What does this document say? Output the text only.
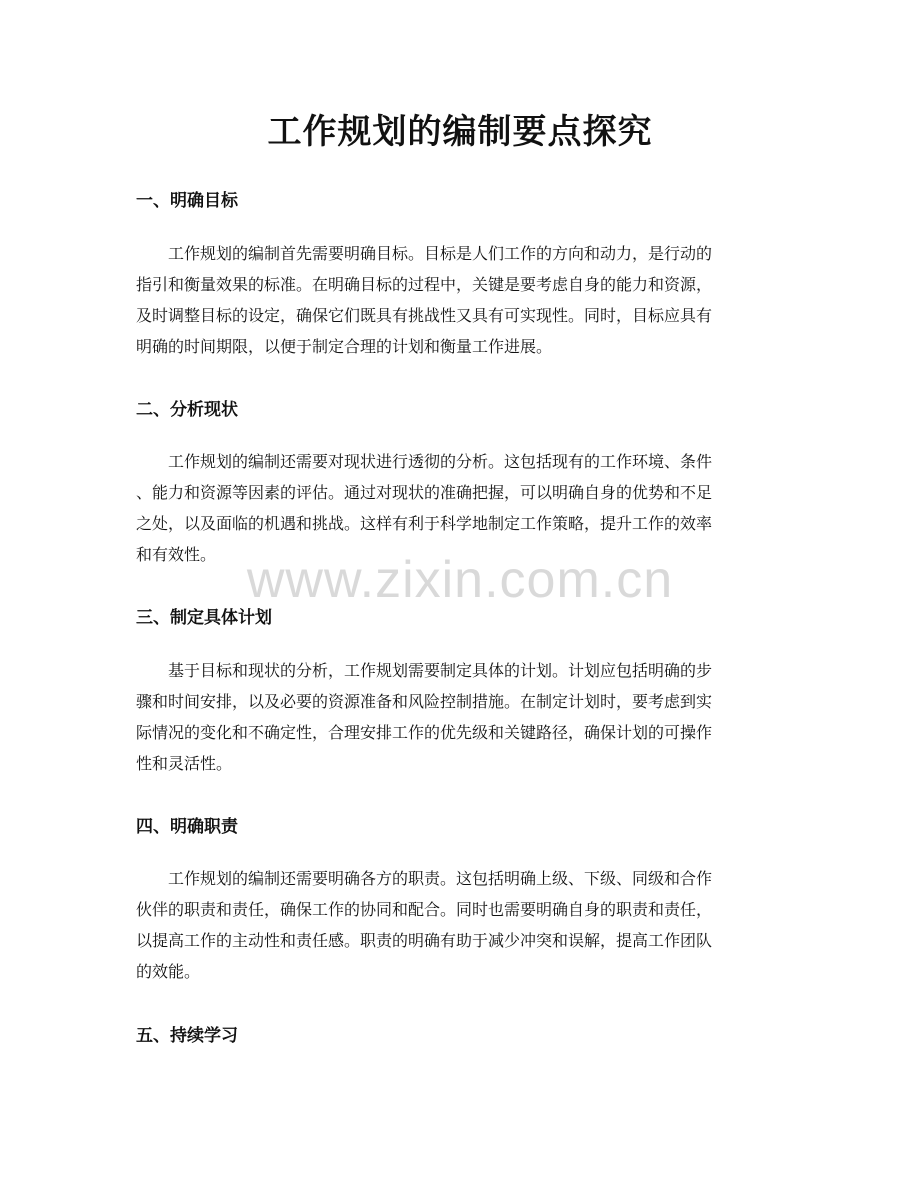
工作规划的编制要点探究
一、明确目标
工作规划的编制首先需要明确目标。目标是人们工作的方向和动力，是行动的
指引和衡量效果的标准。在明确目标的过程中，关键是要考虑自身的能力和资源，
及时调整目标的设定，确保它们既具有挑战性又具有可实现性。同时，目标应具有
明确的时间期限，以便于制定合理的计划和衡量工作进展。
二、分析现状
工作规划的编制还需要对现状进行透彻的分析。这包括现有的工作环境、条件
、能力和资源等因素的评估。通过对现状的准确把握，可以明确自身的优势和不足
之处，以及面临的机遇和挑战。这样有利于科学地制定工作策略，提升工作的效率
和有效性。
三、制定具体计划
基于目标和现状的分析，工作规划需要制定具体的计划。计划应包括明确的步
骤和时间安排，以及必要的资源准备和风险控制措施。在制定计划时，要考虑到实
际情况的变化和不确定性，合理安排工作的优先级和关键路径，确保计划的可操作
性和灵活性。
四、明确职责
工作规划的编制还需要明确各方的职责。这包括明确上级、下级、同级和合作
伙伴的职责和责任，确保工作的协同和配合。同时也需要明确自身的职责和责任，
以提高工作的主动性和责任感。职责的明确有助于减少冲突和误解，提高工作团队
的效能。
五、持续学习
www.zixin.com.cn
